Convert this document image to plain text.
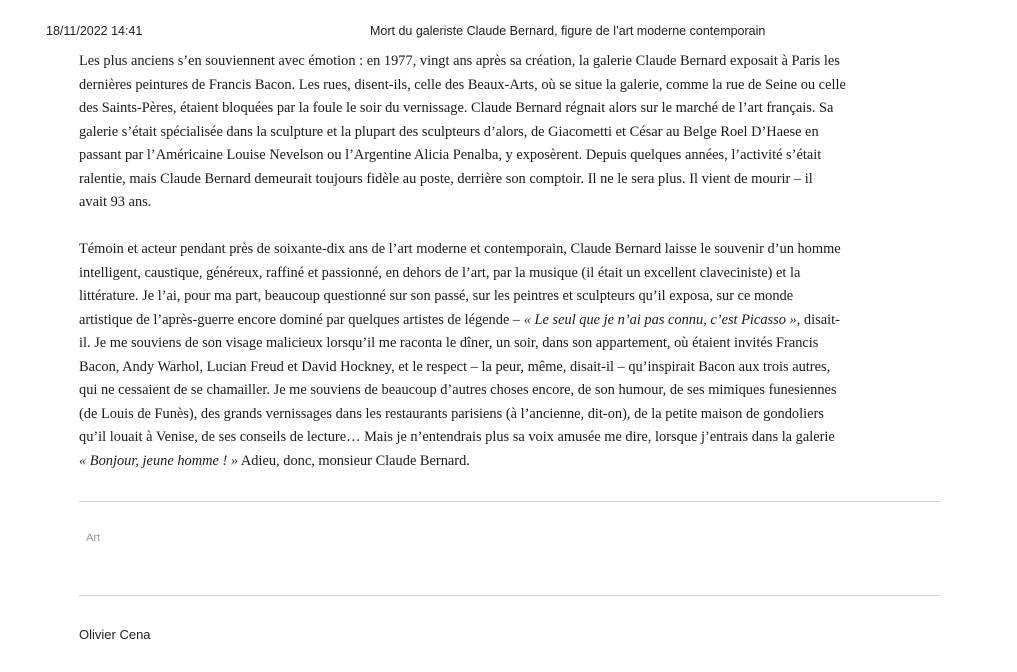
18/11/2022 14:41	Mort du galeriste Claude Bernard, figure de l’art moderne contemporain

Les plus anciens s’en souviennent avec émotion : en 1977, vingt ans après sa création, la galerie Claude Bernard exposait à Paris les
dernières peintures de Francis Bacon. Les rues, disent-ils, celle des Beaux-Arts, où se situe la galerie, comme la rue de Seine ou celle
des Saints-Pères, étaient bloquées par la foule le soir du vernissage. Claude Bernard régnait alors sur le marché de l’art français. Sa
galerie s’était spécialisée dans la sculpture et la plupart des sculpteurs d’alors, de Giacometti et César au Belge Roel D’Haese en
passant par l’Américaine Louise Nevelson ou l’Argentine Alicia Penalba, y exposèrent. Depuis quelques années, l’activité s’était
ralentie, mais Claude Bernard demeurait toujours fidèle au poste, derrière son comptoir. Il ne le sera plus. Il vient de mourir – il
avait 93 ans.

Témoin et acteur pendant près de soixante-dix ans de l’art moderne et contemporain, Claude Bernard laisse le souvenir d’un homme
intelligent, caustique, généreux, raffiné et passionné, en dehors de l’art, par la musique (il était un excellent claveciniste) et la
littérature. Je l’ai, pour ma part, beaucoup questionné sur son passé, sur les peintres et sculpteurs qu’il exposa, sur ce monde
artistique de l’après-guerre encore dominé par quelques artistes de légende – « Le seul que je n’ai pas connu, c’est Picasso », disait-
il. Je me souviens de son visage malicieux lorsqu’il me raconta le dîner, un soir, dans son appartement, où étaient invités Francis
Bacon, Andy Warhol, Lucian Freud et David Hockney, et le respect – la peur, même, disait-il – qu’inspirait Bacon aux trois autres,
qui ne cessaient de se chamailler. Je me souviens de beaucoup d’autres choses encore, de son humour, de ses mimiques funesiennes
(de Louis de Funès), des grands vernissages dans les restaurants parisiens (à l’ancienne, dit-on), de la petite maison de gondoliers
qu’il louait à Venise, de ses conseils de lecture… Mais je n’entendrais plus sa voix amusée me dire, lorsque j’entrais dans la galerie
« Bonjour, jeune homme ! » Adieu, donc, monsieur Claude Bernard.

Art
Olivier Cena
